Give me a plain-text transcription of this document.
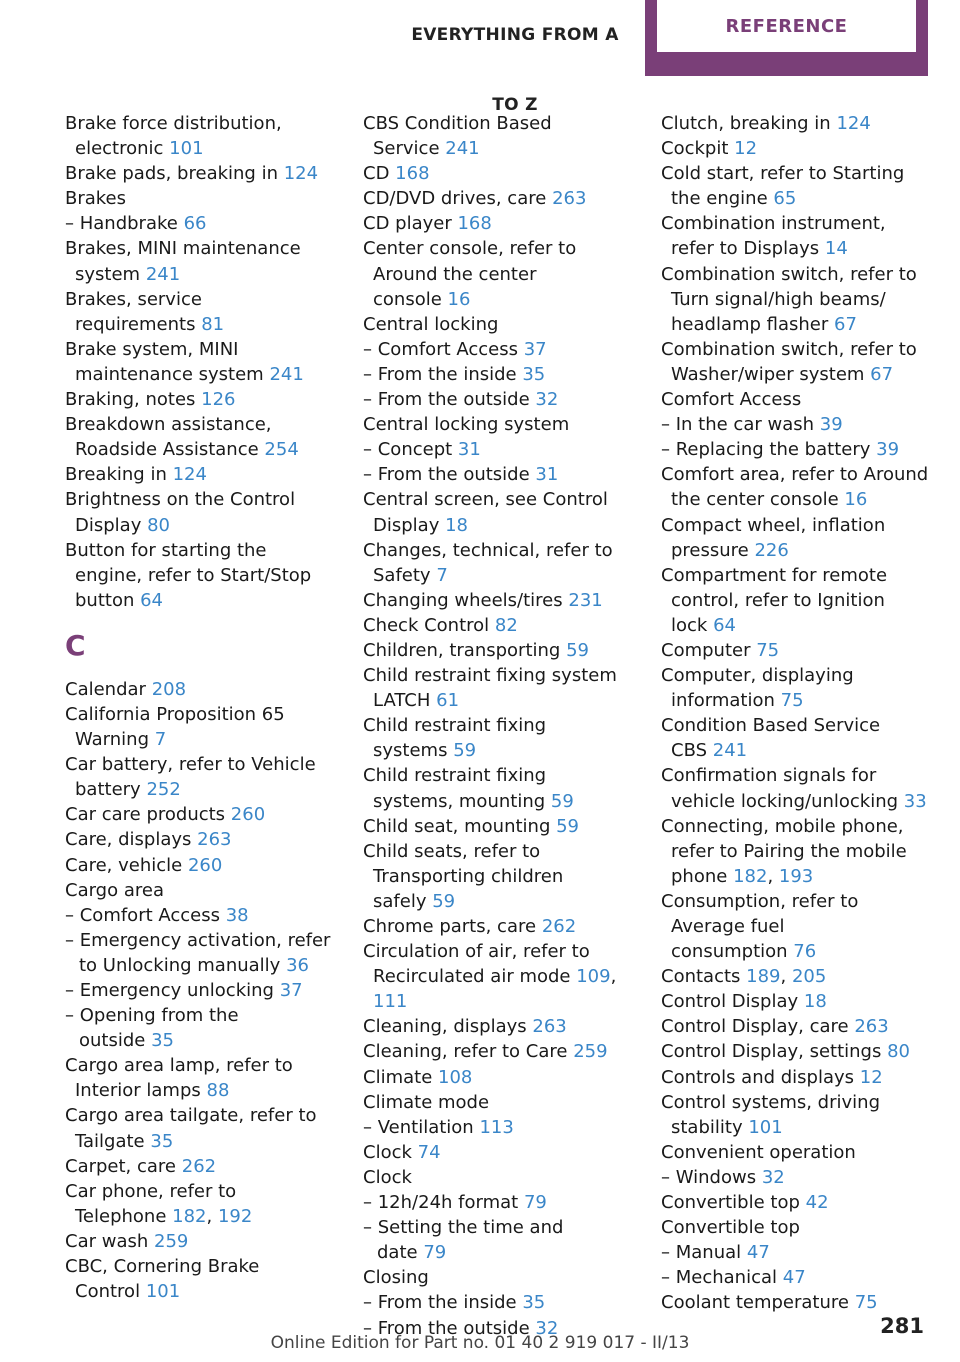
EVERYTHING FROM A TO Z
REFERENCE

Brake force distribution, electronic 101

Brake pads, breaking in 124

Brakes

– Handbrake 66

Brakes, MINI maintenance system 241

Brakes, service requirements 81

Brake system, MINI maintenance system 241

Braking, notes 126

Breakdown assistance, Roadside Assistance 254

Breaking in 124

Brightness on the Control Display 80

Button for starting the engine, refer to Start/Stop button 64

C

Calendar 208

California Proposition 65 Warning 7

Car battery, refer to Vehicle battery 252

Car care products 260

Care, displays 263

Care, vehicle 260

Cargo area

– Comfort Access 38

– Emergency activation, refer to Unlocking manually 36

– Emergency unlocking 37

– Opening from the outside 35

Cargo area lamp, refer to Interior lamps 88

Cargo area tailgate, refer to Tailgate 35

Carpet, care 262

Car phone, refer to Telephone 182, 192

Car wash 259

CBC, Cornering Brake Control 101

CBS Condition Based Service 241

CD 168

CD/DVD drives, care 263

CD player 168

Center console, refer to Around the center console 16

Central locking

– Comfort Access 37

– From the inside 35

– From the outside 32

Central locking system

– Concept 31

– From the outside 31

Central screen, see Control Display 18

Changes, technical, refer to Safety 7

Changing wheels/tires 231

Check Control 82

Children, transporting 59

Child restraint fixing system LATCH 61

Child restraint fixing systems 59

Child restraint fixing systems, mounting 59

Child seat, mounting 59

Child seats, refer to Transporting children safely 59

Chrome parts, care 262

Circulation of air, refer to Recirculated air mode 109, 111

Cleaning, displays 263

Cleaning, refer to Care 259

Climate 108

Climate mode

– Ventilation 113

Clock 74

Clock

– 12h/24h format 79

– Setting the time and date 79

Closing

– From the inside 35

– From the outside 32

Clutch, breaking in 124

Cockpit 12

Cold start, refer to Starting the engine 65

Combination instrument, refer to Displays 14

Combination switch, refer to Turn signal/high beams/ headlamp flasher 67

Combination switch, refer to Washer/wiper system 67

Comfort Access

– In the car wash 39

– Replacing the battery 39

Comfort area, refer to Around the center console 16

Compact wheel, inflation pressure 226

Compartment for remote control, refer to Ignition lock 64

Computer 75

Computer, displaying information 75

Condition Based Service CBS 241

Confirmation signals for vehicle locking/unlocking 33

Connecting, mobile phone, refer to Pairing the mobile phone 182, 193

Consumption, refer to Average fuel consumption 76

Contacts 189, 205

Control Display 18

Control Display, care 263

Control Display, settings 80

Controls and displays 12

Control systems, driving stability 101

Convenient operation

– Windows 32

Convertible top 42

Convertible top

– Manual 47

– Mechanical 47

Coolant temperature 75

281
Online Edition for Part no. 01 40 2 919 017 - II/13
